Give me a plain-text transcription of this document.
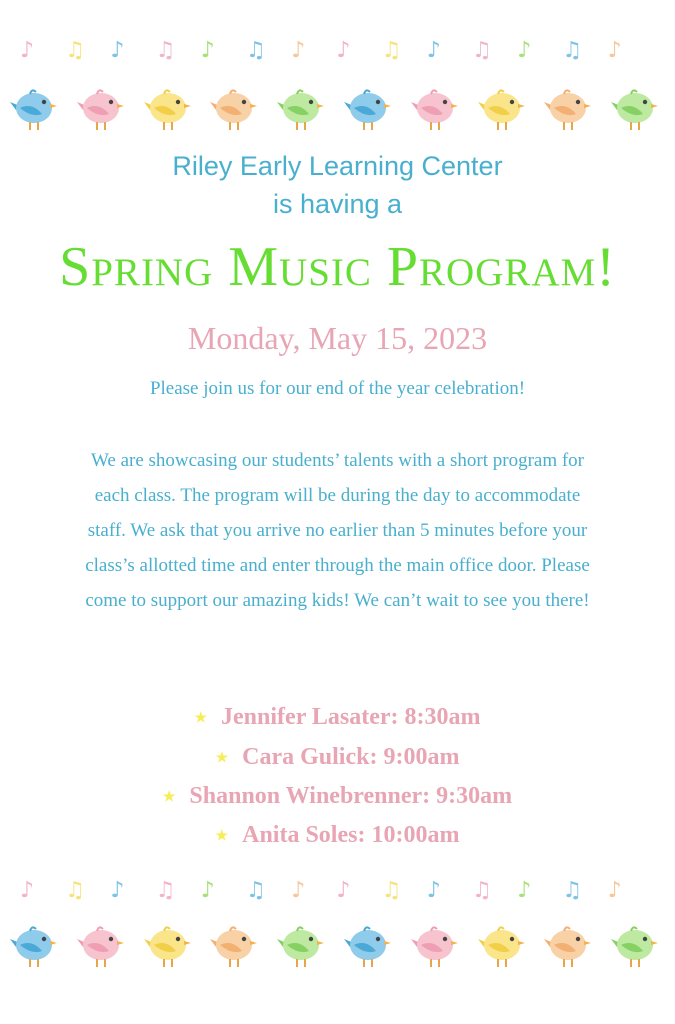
♪ ♫ ♪ ♫ ♪ ♫ ♪ ♪ ♫ ♪ ♫ ♪ ♫ ♪
Riley Early Learning Center
is having a
Spring Music Program!
Monday, May 15, 2023
Please join us for our end of the year celebration!
We are showcasing our students’ talents with a short program for each class. The program will be during the day to accommodate staff. We ask that you arrive no earlier than 5 minutes before your class’s allotted time and enter through the main office door. Please come to support our amazing kids! We can’t wait to see you there!
★ Jennifer Lasater: 8:30am
★ Cara Gulick: 9:00am
★ Shannon Winebrenner: 9:30am
★ Anita Soles: 10:00am
♪ ♫ ♪ ♫ ♪ ♫ ♪ ♪ ♫ ♪ ♫ ♪ ♫ ♪
